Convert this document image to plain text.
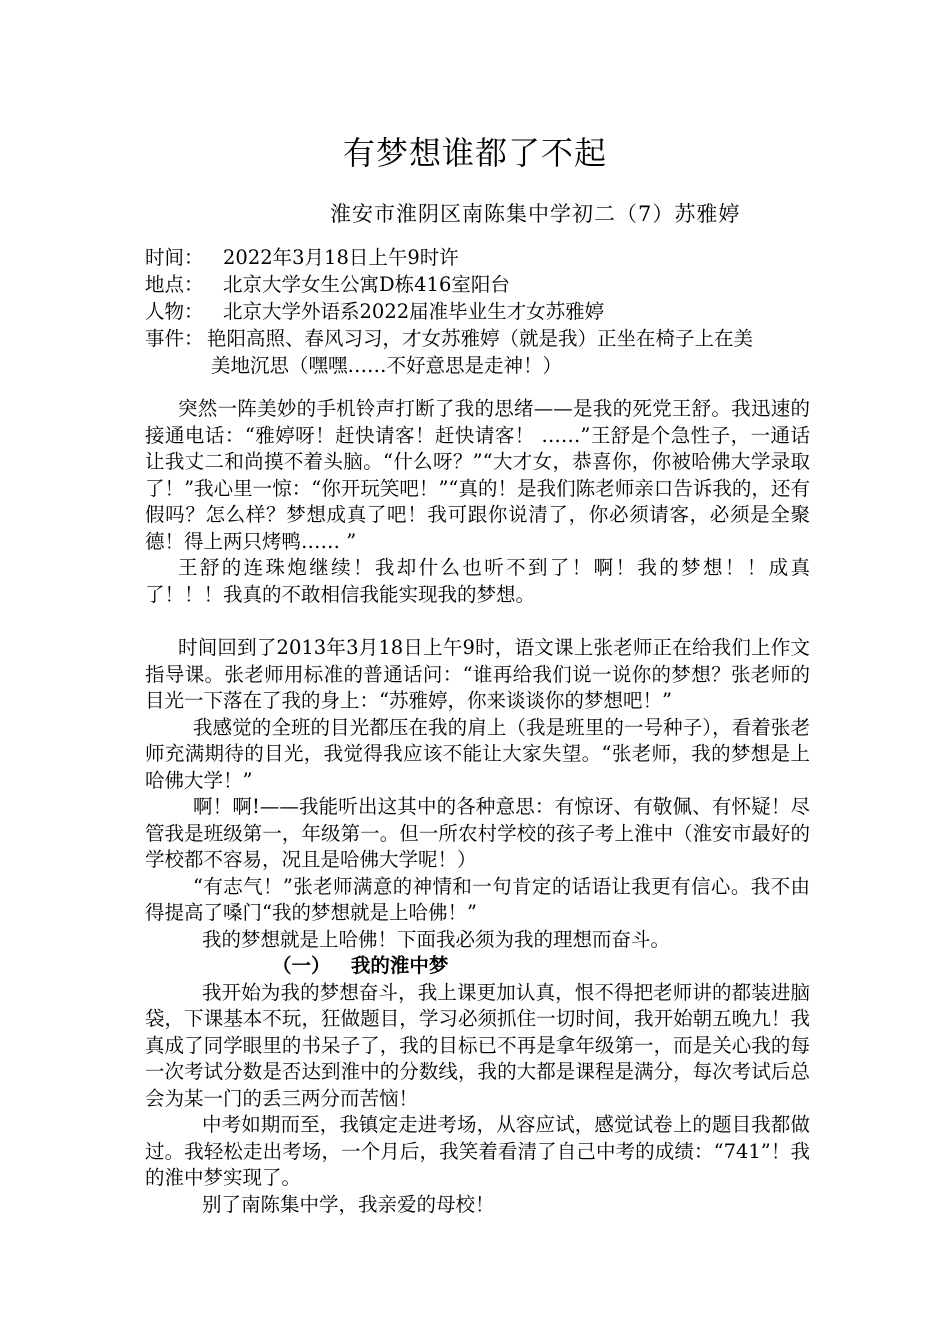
有梦想谁都了不起
淮安市淮阴区南陈集中学初二（7）苏雅婷
时间： 2022年3月18日上午9时许
地点： 北京大学女生公寓D栋416室阳台
人物： 北京大学外语系2022届准毕业生才女苏雅婷
事件： 艳阳高照、春风习习，才女苏雅婷（就是我）正坐在椅子上在美
美地沉思（嘿嘿……不好意思是走神！）

突然一阵美妙的手机铃声打断了我的思绪——是我的死党王舒。我迅速的接通电话：“雅婷呀！赶快请客！赶快请客！ ……”王舒是个急性子，一通话让我丈二和尚摸不着头脑。“什么呀？”“大才女，恭喜你，你被哈佛大学录取了！”我心里一惊：“你开玩笑吧！”“真的！是我们陈老师亲口告诉我的，还有假吗？怎么样？梦想成真了吧！我可跟你说清了，你必须请客，必须是全聚德！得上两只烤鸭…… ”

王舒的连珠炮继续！我却什么也听不到了！啊！我的梦想！！成真了！！！我真的不敢相信我能实现我的梦想。

时间回到了2013年3月18日上午9时，语文课上张老师正在给我们上作文指导课。张老师用标准的普通话问：“谁再给我们说一说你的梦想？张老师的目光一下落在了我的身上：“苏雅婷，你来谈谈你的梦想吧！”

我感觉的全班的目光都压在我的肩上（我是班里的一号种子），看着张老师充满期待的目光，我觉得我应该不能让大家失望。“张老师，我的梦想是上哈佛大学！”

啊！啊!——我能听出这其中的各种意思：有惊讶、有敬佩、有怀疑！尽管我是班级第一，年级第一。但一所农村学校的孩子考上淮中（淮安市最好的学校都不容易，况且是哈佛大学呢！）

“有志气！”张老师满意的神情和一句肯定的话语让我更有信心。我不由得提高了嗓门“我的梦想就是上哈佛！”

我的梦想就是上哈佛！下面我必须为我的理想而奋斗。

（一）   我的淮中梦

我开始为我的梦想奋斗，我上课更加认真，恨不得把老师讲的都装进脑袋，下课基本不玩，狂做题目，学习必须抓住一切时间，我开始朝五晚九！我真成了同学眼里的书呆子了，我的目标已不再是拿年级第一，而是关心我的每一次考试分数是否达到淮中的分数线，我的大都是课程是满分，每次考试后总会为某一门的丢三两分而苦恼！

中考如期而至，我镇定走进考场，从容应试，感觉试卷上的题目我都做过。我轻松走出考场，一个月后，我笑着看清了自己中考的成绩：“741”！我的淮中梦实现了。

别了南陈集中学，我亲爱的母校！
